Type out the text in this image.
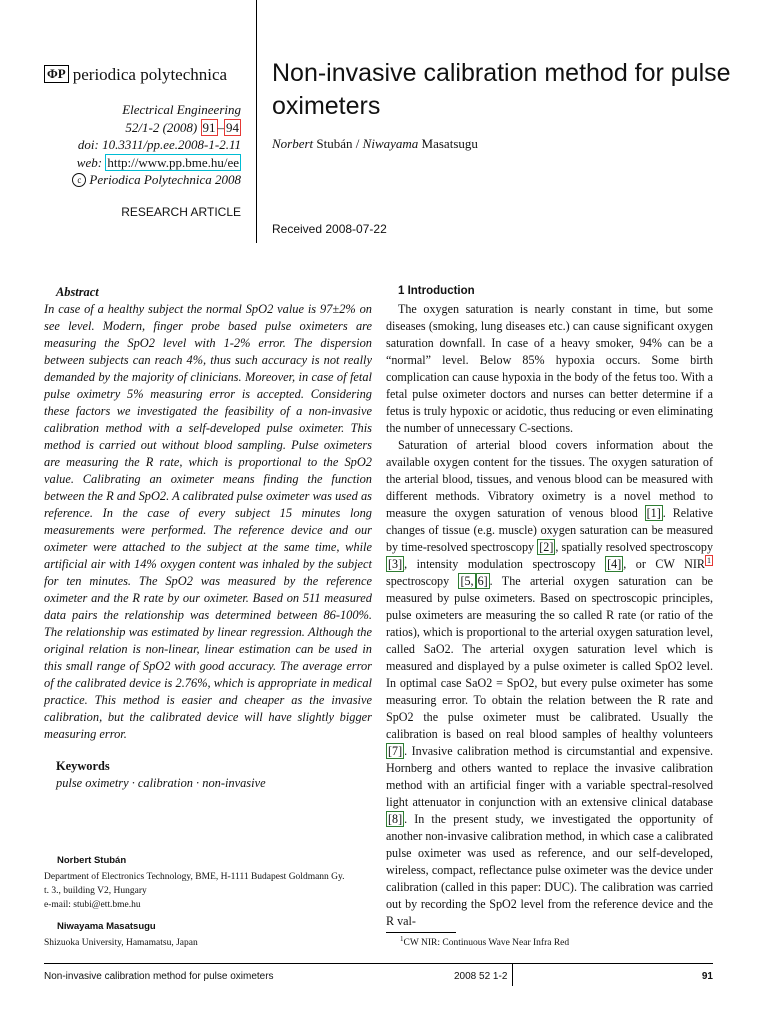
ΦP periodica polytechnica
Electrical Engineering
52/1-2 (2008) 91 – 94
doi: 10.3311/pp.ee.2008-1-2.11
web: http://www.pp.bme.hu/ee
c Periodica Polytechnica 2008
RESEARCH ARTICLE
Non-invasive calibration method for pulse oximeters
Norbert Stubán / Niwayama Masatsugu
Received 2008-07-22
Abstract
In case of a healthy subject the normal SpO2 value is 97±2% on see level. Modern, finger probe based pulse oximeters are measuring the SpO2 level with 1-2% error. The dispersion between subjects can reach 4%, thus such accuracy is not really demanded by the majority of clinicians. Moreover, in case of fetal pulse oximetry 5% measuring error is accepted. Considering these factors we investigated the feasibility of a non-invasive calibration method with a self-developed pulse oximeter. This method is carried out without blood sampling. Pulse oximeters are measuring the R rate, which is proportional to the SpO2 value. Calibrating an oximeter means finding the function between the R and SpO2. A calibrated pulse oximeter was used as reference. In the case of every subject 15 minutes long measurements were performed. The reference device and our oximeter were attached to the subject at the same time, while artificial air with 14% oxygen content was inhaled by the subject for ten minutes. The SpO2 was measured by the reference oximeter and the R rate by our oximeter. Based on 511 measured data pairs the relationship was determined between 86-100%. The relationship was estimated by linear regression. Although the original relation is non-linear, linear estimation can be used in this small range of SpO2 with good accuracy. The average error of the calibrated device is 2.76%, which is appropriate in medical practice. This method is easier and cheaper as the invasive calibration, but the calibrated device will have slightly bigger measuring error.
Keywords
pulse oximetry · calibration · non-invasive
Norbert Stubán
Department of Electronics Technology, BME, H-1111 Budapest Goldmann Gy.
t. 3., building V2, Hungary
e-mail: stubi@ett.bme.hu
Niwayama Masatsugu
Shizuoka University, Hamamatsu, Japan
1 Introduction

The oxygen saturation is nearly constant in time, but some diseases (smoking, lung diseases etc.) can cause significant oxygen saturation downfall. In case of a heavy smoker, 94% can be a “normal” level. Below 85% hypoxia occurs. Some birth complication can cause hypoxia in the body of the fetus too. With a fetal pulse oximeter doctors and nurses can better determine if a fetus is truly hypoxic or acidotic, thus reducing or even eliminating the number of unnecessary C-sections.

Saturation of arterial blood covers information about the available oxygen content for the tissues. The oxygen saturation of the arterial blood, tissues, and venous blood can be measured with different methods. Vibratory oximetry is a novel method to measure the oxygen saturation of venous blood [1] . Relative changes of tissue (e.g. muscle) oxygen saturation can be measured by time-resolved spectroscopy [2] , spatially resolved spectroscopy [3] , intensity modulation spectroscopy [4] , or CW NIR $^1$ spectroscopy [5, 6] . The arterial oxygen saturation can be measured by pulse oximeters. Based on spectroscopic principles, pulse oximeters are measuring the so called R rate (or ratio of the ratios), which is proportional to the arterial oxygen saturation level, called SaO2. The arterial oxygen saturation level which is measured and displayed by a pulse oximeter is called SpO2 level. In optimal case SaO2 = SpO2, but every pulse oximeter has some measuring error. To obtain the relation between the R rate and SpO2 the pulse oximeter must be calibrated. Usually the calibration is based on real blood samples of healthy volunteers [7] . Invasive calibration method is circumstantial and expensive. Hornberg and others wanted to replace the invasive calibration method with an artificial finger with a variable spectral-resolved light attenuator in conjunction with an extensive clinical database [8] . In the present study, we investigated the opportunity of another non-invasive calibration method, in which case a calibrated pulse oximeter was used as reference, and our self-developed, wireless, compact, reflectance pulse oximeter was the device under calibration (called in this paper: DUC). The calibration was carried out by recording the SpO2 level from the reference device and the R val-

$^1$CW NIR: Continuous Wave Near Infra Red
Non-invasive calibration method for pulse oximeters	2008 52 1-2	91
